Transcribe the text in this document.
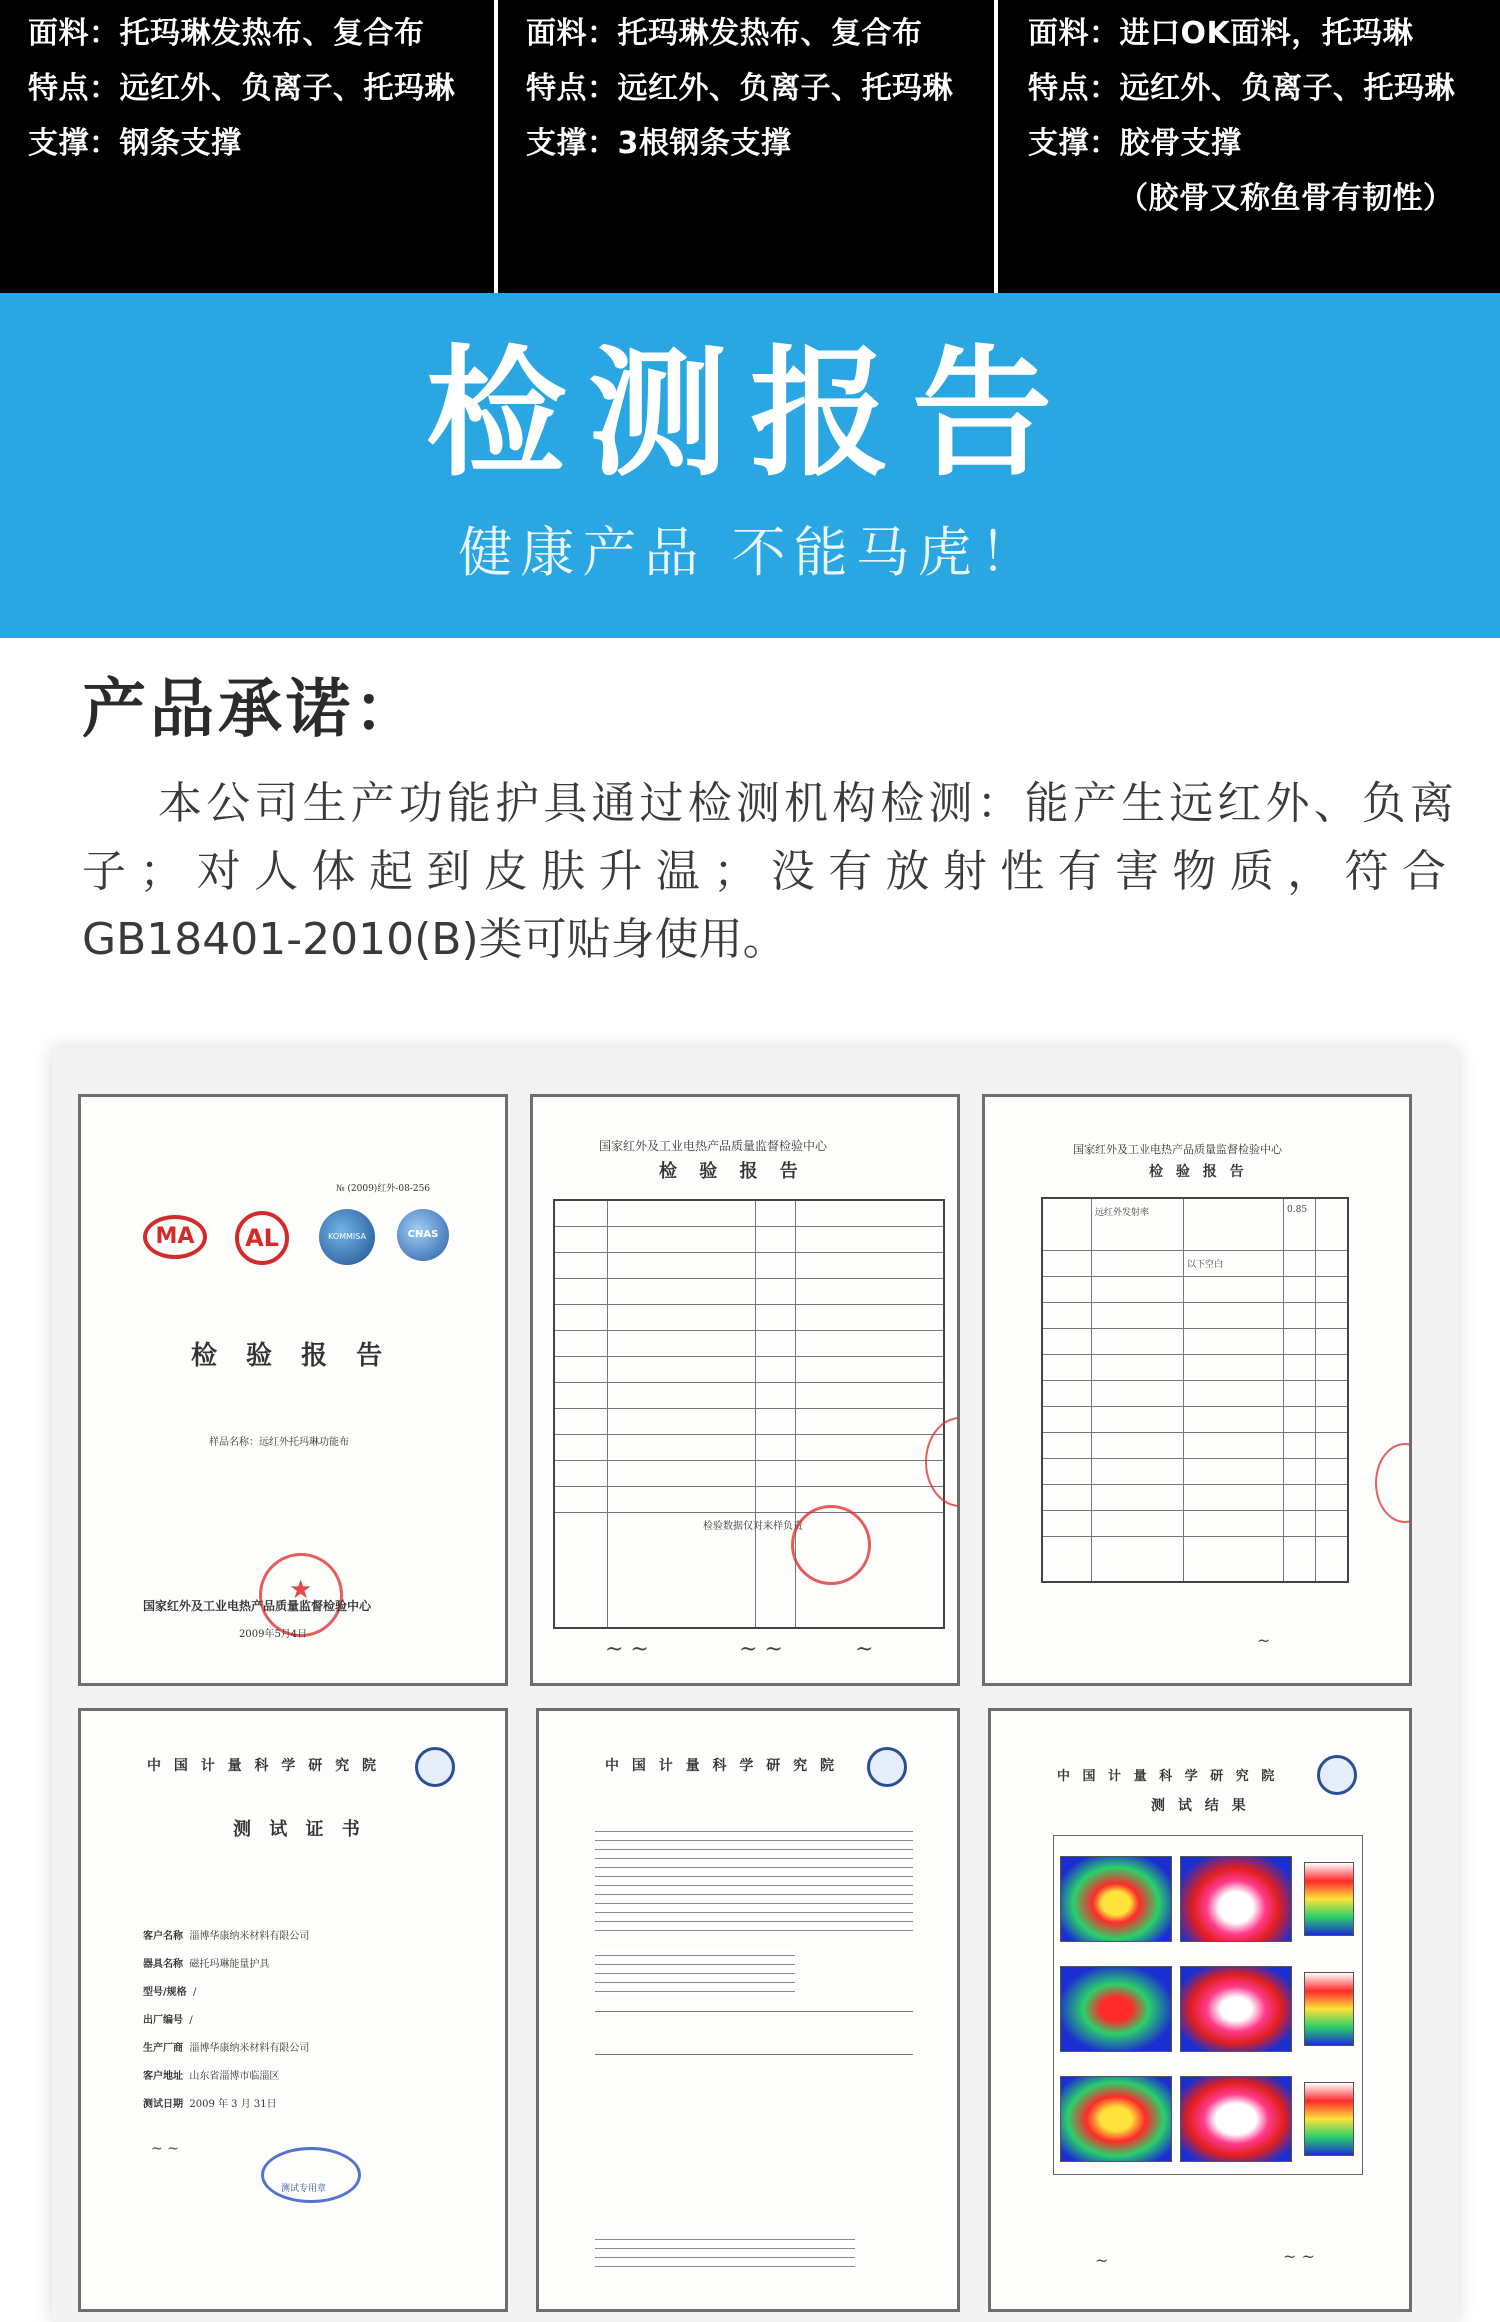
面料：托玛琳发热布、复合布
特点：远红外、负离子、托玛琳
支撑：钢条支撑
面料：托玛琳发热布、复合布
特点：远红外、负离子、托玛琳
支撑：3根钢条支撑
面料：进口OK面料，托玛琳
特点：远红外、负离子、托玛琳
支撑：胶骨支撑
（胶骨又称鱼骨有韧性）
检测报告
健康产品 不能马虎！
产品承诺：
本公司生产功能护具通过检测机构检测：能产生远红外、负离
子；对人体起到皮肤升温；没有放射性有害物质，符合
GB18401-2010(B)类可贴身使用。
№ (2009)红外-08-256
MA	AL	KOMMISA	CNAS
检 验 报 告
样品名称：远红外托玛琳功能布
★
国家红外及工业电热产品质量监督检验中心
2009年5月4日
国家红外及工业电热产品质量监督检验中心
检 验 报 告
检验数据仅对来样负责
~ ~	~ ~	~
国家红外及工业电热产品质量监督检验中心
检 验 报 告
远红外发射率	0.85
以下空白
~
中 国 计 量 科 学 研 究 院
测 试 证 书
客户名称 淄博华康纳米材料有限公司
器具名称 磁托玛琳能量护具
型号/规格 /
出厂编号 /
生产厂商 淄博华康纳米材料有限公司
客户地址 山东省淄博市临淄区
测试日期 2009 年 3 月 31日
~ ~
测试专用章
中 国 计 量 科 学 研 究 院
中 国 计 量 科 学 研 究 院
测 试 结 果
~	~ ~
